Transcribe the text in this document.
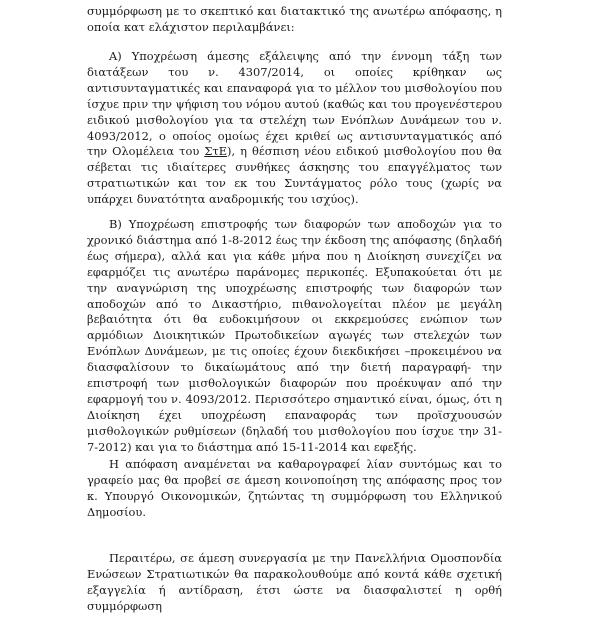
συμμόρφωση με το σκεπτικό και διατακτικό της ανωτέρω απόφασης, η οποία κατ ελάχιστον περιλαμβάνει:

Α) Υποχρέωση άμεσης εξάλειψης από την έννομη τάξη των διατάξεων του ν. 4307/2014, οι οποίες κρίθηκαν ως αντισυνταγματικές και επαναφορά για το μέλλον του μισθολογίου που ίσχυε πριν την ψήφιση του νόμου αυτού (καθώς και του προγενέστερου ειδικού μισθολογίου για τα στελέχη των Ενόπλων Δυνάμεων του ν. 4093/2012, ο οποίος ομοίως έχει κριθεί ως αντισυνταγματικός από την Ολομέλεια του ΣτΕ), η θέσπιση νέου ειδικού μισθολογίου που θα σέβεται τις ιδιαίτερες συνθήκες άσκησης του επαγγέλματος των στρατιωτικών και τον εκ του Συντάγματος ρόλο τους (χωρίς να υπάρχει δυνατότητα αναδρομικής του ισχύος).

Β) Υποχρέωση επιστροφής των διαφορών των αποδοχών για το χρονικό διάστημα από 1-8-2012 έως την έκδοση της απόφασης (δηλαδή έως σήμερα), αλλά και για κάθε μήνα που η Διοίκηση συνεχίζει να εφαρμόζει τις ανωτέρω παράνομες περικοπές. Εξυπακούεται ότι με την αναγνώριση της υποχρέωσης επιστροφής των διαφορών των αποδοχών από το Δικαστήριο, πιθανολογείται πλέον με μεγάλη βεβαιότητα ότι θα ευδοκιμήσουν οι εκκρεμούσες ενώπιον των αρμόδιων Διοικητικών Πρωτοδικείων αγωγές των στελεχών των Ενόπλων Δυνάμεων, με τις οποίες έχουν διεκδικήσει –προκειμένου να διασφαλίσουν το δικαίωμάτους από την διετή παραγραφή- την επιστροφή των μισθολογικών διαφορών που προέκυψαν από την εφαρμογή του ν. 4093/2012. Περισσότερο σημαντικό είναι, όμως, ότι η Διοίκηση έχει υποχρέωση επαναφοράς των προϊσχυουσών μισθολογικών ρυθμίσεων (δηλαδή του μισθολογίου που ίσχυε την 31-7-2012) και για το διάστημα από 15-11-2014 και εφεξής.

Η απόφαση αναμένεται να καθαρογραφεί λίαν συντόμως και το γραφείο μας θα προβεί σε άμεση κοινοποίηση της απόφασης προς τον κ. Υπουργό Οικονομικών, ζητώντας τη συμμόρφωση του Ελληνικού Δημοσίου.

Περαιτέρω, σε άμεση συνεργασία με την Πανελλήνια Ομοσπονδία Ενώσεων Στρατιωτικών θα παρακολουθούμε από κοντά κάθε σχετική εξαγγελία ή αντίδραση, έτσι ώστε να διασφαλιστεί η ορθή συμμόρφωση
